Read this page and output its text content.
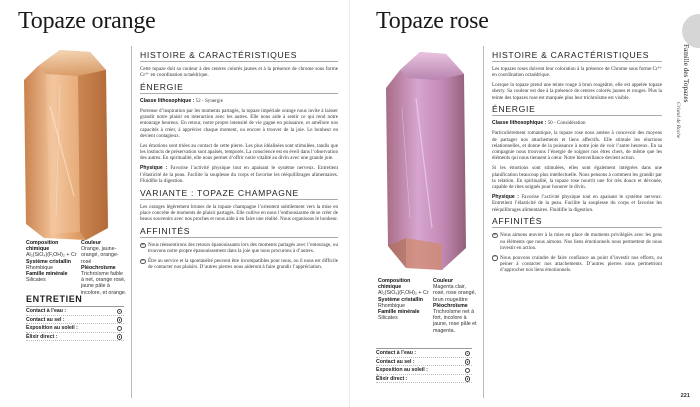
Topaze orange
Composition chimique
Al₂(SiO₄)(F,OH)₂ + Cr
Système cristallin
Rhombique
Famille minérale
Silicates
Couleur
Orange, jaune-orangé, orange-rosé
Pléochroïsme
Trichroïsme faible à net, orange rosé, jaune pâle à incolore, et orange.
ENTRETIEN
Contact à l’eau :
Contact au sel :
Exposition au soleil :
Élixir direct :
HISTOIRE & CARACTÉRISTIQUES

Cette topaze doit sa couleur à des centres colorés jaunes et à la présence de chrome sous forme Cr³⁺ en coordination octaédrique.

ÉNERGIE

Classe lithosophique : 52 - Synergie

Porteuse d’inspiration par les moments partagés, la topaze impériale orange nous invite à laisser grandir notre plaisir en interaction avec les autres. Elle nous aide à sentir ce qui rend notre entourage heureux. En retour, notre propre intensité de vie gagne en puissance, et améliore nos capacités à créer, à apprécier chaque moment, ou encore à trouver de la joie. Le bonheur en devient contagieux.

Les émotions sont triées au contact de cette pierre. Les plus idéalisées sont stimulées, tandis que les instincts de préservation sont apaisés, temporés. La conscience est en éveil dans l’observation des autres. En spiritualité, elle nous permet d’offrir notre vitalité au divin avec une grande joie.

Physique : Favorise l’activité physique tout en apaisant le système nerveux. Entretient l’élasticité de la peau. Facilite la souplesse du corps et favorise les rééquilibrages alimentaires. Fluidifie la digestion.

VARIANTE : TOPAZE CHAMPAGNE

Les oranges légèrement brunes de la topaze champagne l’orientent subtilement vers la mise en place concrète de moments de plaisir partagés. Elle cultive en nous l’enthousiasme de se créer de beaux souvenirs avec nos proches et nous aide à en faire une réalité. Nous organisons le bonheur.

AFFINITÉS
+ Nous réessentirons des retours épanouissants lors des moments partagés avec l’entourage, ou trouvons notre propre épanouissement dans la joie que nous procurons à d’autres.
− Être au service et la spontanéité peuvent être incompatibles pour nous, ou il nous est difficile de contacter nos plaisirs. D’autres pierres nous aideront à faire grandir l’appréciation.
Topaze rose
Composition chimique
Al₂(SiO₄)(F,OH)₂ + Cr
Système cristallin
Rhombique
Famille minérale
Silicates
Couleur
Magenta clair, rosé, rose orangé, brun rougeâtre
Pléochroïsme
Trichroïsme net à fort, incolore à jaune, rose pâle et magenta.
Contact à l’eau :
Contact au sel :
Exposition au soleil :
Élixir direct :
HISTOIRE & CARACTÉRISTIQUES

Les topazes roses doivent leur coloration à la présence de Chrome sous forme Cr³⁺ en coordination octaédrique.

Lorsque la topaze prend une teinte rouge à brun rougeâtre, elle est appelée topaze sherry. Sa couleur est due à la présence de centres colorés jaunes et rouges. Plus la teinte des topazes rose est marquée plus leur trichroïsme est visible.

ÉNERGIE

Classe lithosophique : 50 - Considération

Particulièrement romantique, la topaze rose nous amène à concevoir des moyens de partager nos attachements et liens affectifs. Elle stimule les réactions relationnelles, et donne de la puissance à notre joie de voir l’autre heureux. En sa compagnie nous trouvons l’énergie de soigner nos êtres chers, de même que les éléments qui nous tiennent à cœur. Notre bienveillance devient action.

Si les émotions sont stimulées, elles sont également intégrées dans une planification beaucoup plus intellectuelle. Nous pensons à comment les grandir par la relation. En spiritualité, la topaze rose nourrit une foi très douce et dévouée, capable de rites soignés pour honorer le divin.

Physique : Favorise l’activité physique tout en apaisant le système nerveux. Entretient l’élasticité de la peau. Facilite la souplesse du corps et favorise les rééquilibrages alimentaires. Fluidifie la digestion.

AFFINITÉS
+ Nous aimons œuvrer à la mise en place de moments privilégiés avec les gens ou éléments que nous aimons. Nos liens émotionnels nous permettent de nous investir en action.
− Nous pouvons craindre de faire confiance au point d’investir nos efforts, ou peiner à contacter nos attachements. D’autres pierres nous permettront d’approcher nos liens émotionnels.
Famille des Topazes
Cristal de Roche
221
